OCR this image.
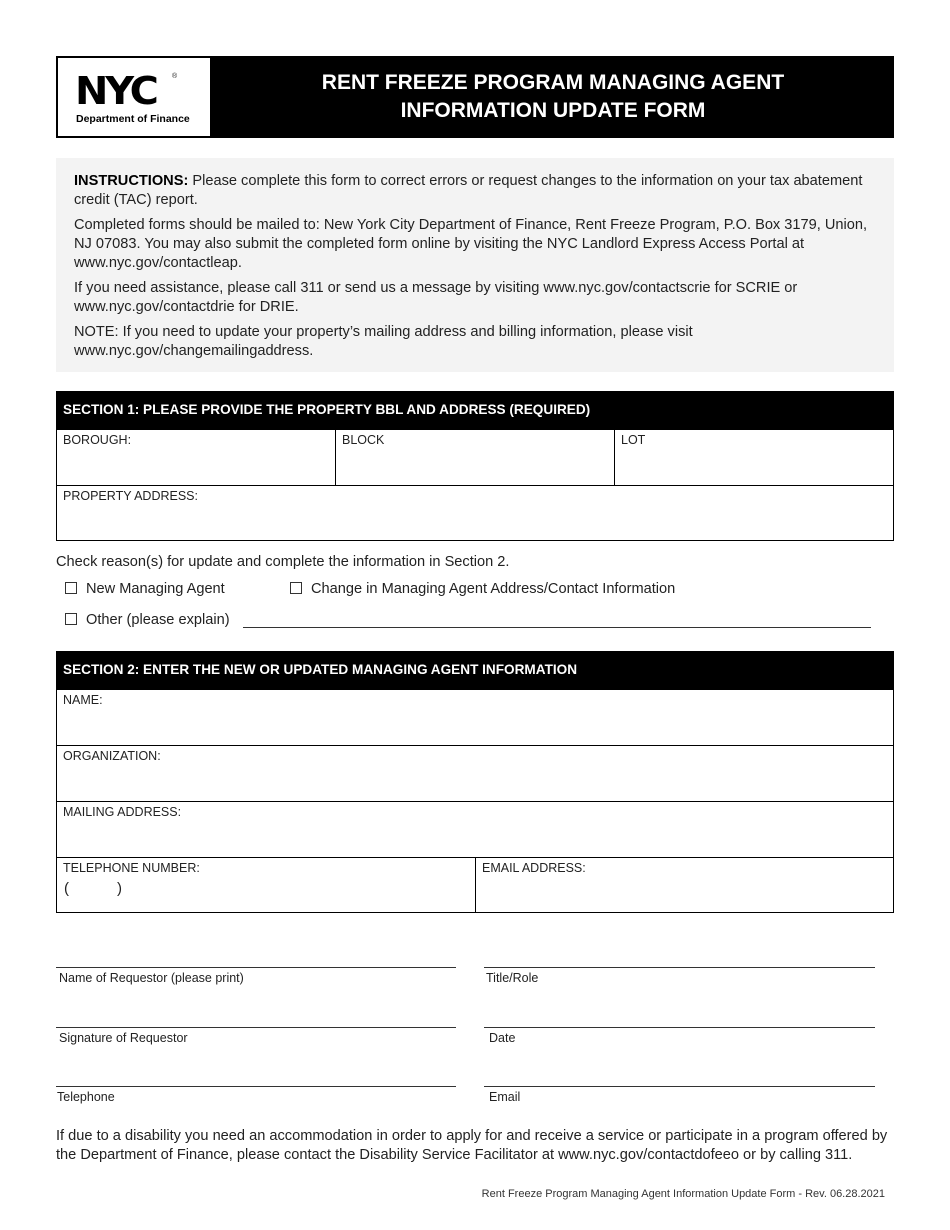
NYC ®
Department of Finance
RENT FREEZE PROGRAM MANAGING AGENT
INFORMATION UPDATE FORM

INSTRUCTIONS: Please complete this form to correct errors or request changes to the information on your tax abatement credit (TAC) report.

Completed forms should be mailed to: New York City Department of Finance, Rent Freeze Program, P.O. Box 3179, Union, NJ 07083. You may also submit the completed form online by visiting the NYC Landlord Express Access Portal at www.nyc.gov/contactleap.

If you need assistance, please call 311 or send us a message by visiting www.nyc.gov/contactscrie for SCRIE or www.nyc.gov/contactdrie for DRIE.

NOTE: If you need to update your property’s mailing address and billing information, please visit www.nyc.gov/changemailingaddress.

SECTION 1: PLEASE PROVIDE THE PROPERTY BBL AND ADDRESS (REQUIRED)
BOROUGH:	BLOCK	LOT
PROPERTY ADDRESS:
Check reason(s) for update and complete the information in Section 2.
New Managing Agent	Change in Managing Agent Address/Contact Information
Other (please explain)
SECTION 2: ENTER THE NEW OR UPDATED MANAGING AGENT INFORMATION
NAME:
ORGANIZATION:
MAILING ADDRESS:
TELEPHONE NUMBER:
(	)
EMAIL ADDRESS:
Name of Requestor (please print)	Title/Role
Signature of Requestor	Date
Telephone	Email
If due to a disability you need an accommodation in order to apply for and receive a service or participate in a program offered by the Department of Finance, please contact the Disability Service Facilitator at www.nyc.gov/contactdofeeo or by calling 311.
Rent Freeze Program Managing Agent Information Update Form - Rev. 06.28.2021
